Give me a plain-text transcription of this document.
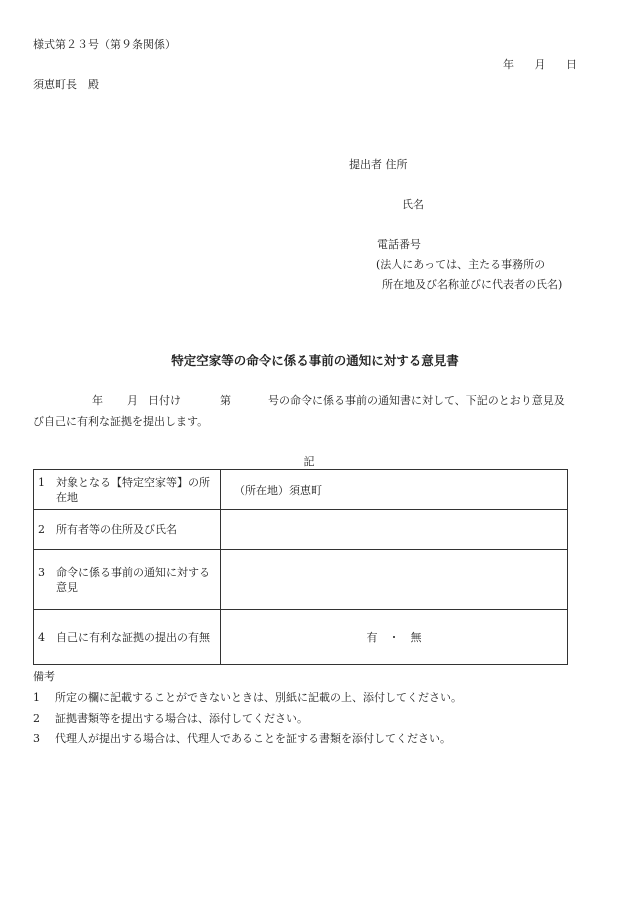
様式第２３号（第９条関係）
年 月 日
須恵町長　殿
提出者 住所
氏名
電話番号
(法人にあっては、主たる事務所の
所在地及び名称並びに代表者の氏名)
特定空家等の命令に係る事前の通知に対する意見書
年 月 日付け	第	号の命令に係る事前の通知書に対して、下記のとおり意見及
び自己に有利な証拠を提出します。
記
1 対象となる【特定空家等】の所在地	（所在地）須恵町

2 所有者等の住所及び氏名	

3 命令に係る事前の通知に対する意見	

4 自己に有利な証拠の提出の有無	有　・　無
備考
1 所定の欄に記載することができないときは、別紙に記載の上、添付してください。
2 証拠書類等を提出する場合は、添付してください。
3 代理人が提出する場合は、代理人であることを証する書類を添付してください。
